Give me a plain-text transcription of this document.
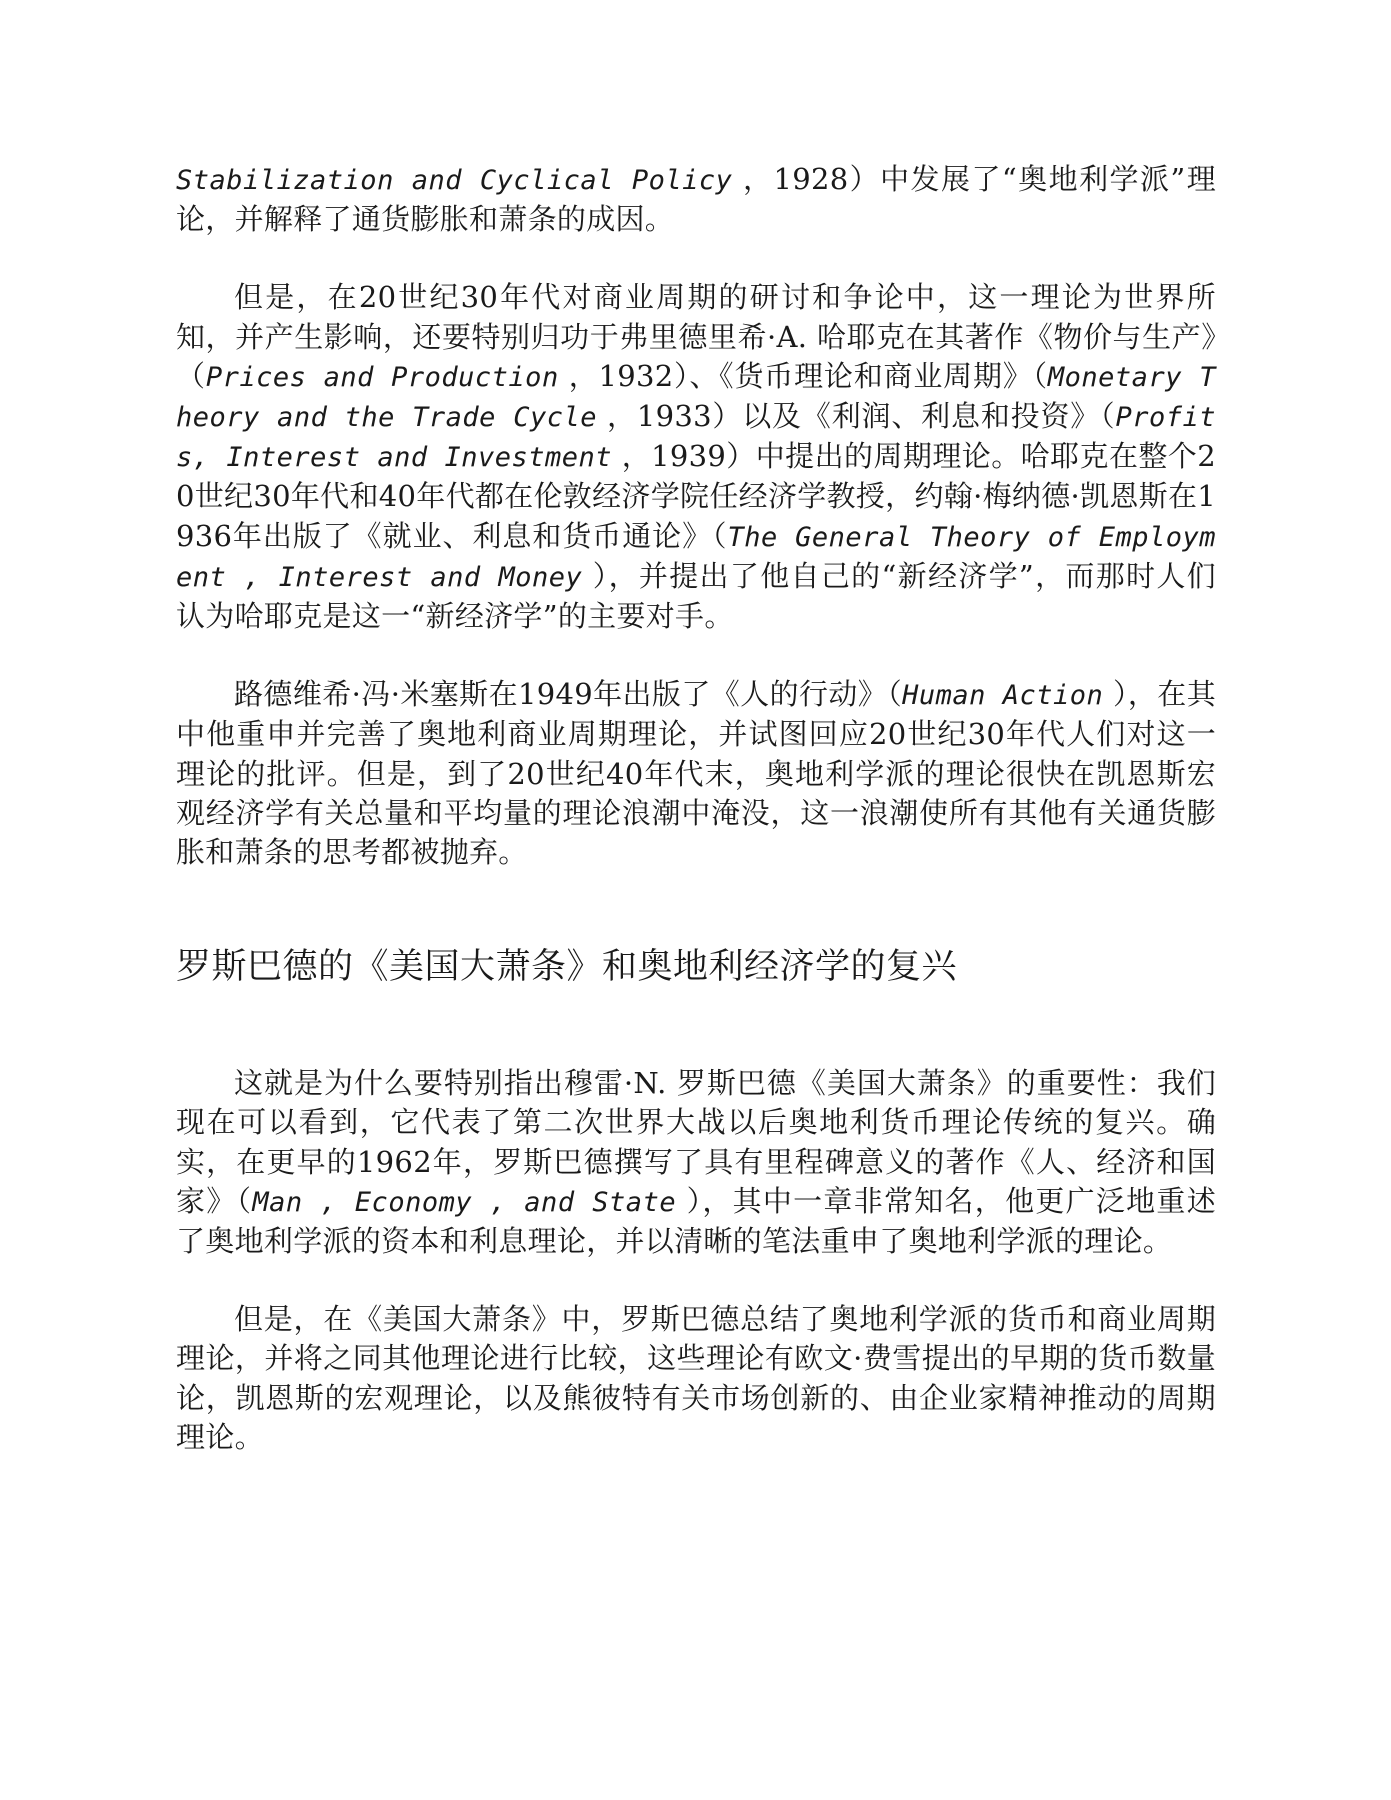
Stabilization and Cyclical Policy ，1928）中发展了“奥地利学派”理论，并解释了通货膨胀和萧条的成因。

但是，在20世纪30年代对商业周期的研讨和争论中，这一理论为世界所知，并产生影响，还要特别归功于弗里德里希·A. 哈耶克在其著作《物价与生产》（Prices and Production ，1932）、《货币理论和商业周期》（Monetary Theory and the Trade Cycle ，1933）以及《利润、利息和投资》（Profits, Interest and Investment ，1939）中提出的周期理论。哈耶克在整个20世纪30年代和40年代都在伦敦经济学院任经济学教授，约翰·梅纳德·凯恩斯在1936年出版了《就业、利息和货币通论》（The General Theory of Employment , Interest and Money ），并提出了他自己的“新经济学”，而那时人们认为哈耶克是这一“新经济学”的主要对手。

路德维希·冯·米塞斯在1949年出版了《人的行动》（Human Action ），在其中他重申并完善了奥地利商业周期理论，并试图回应20世纪30年代人们对这一理论的批评。但是，到了20世纪40年代末，奥地利学派的理论很快在凯恩斯宏观经济学有关总量和平均量的理论浪潮中淹没，这一浪潮使所有其他有关通货膨胀和萧条的思考都被抛弃。

罗斯巴德的《美国大萧条》和奥地利经济学的复兴

这就是为什么要特别指出穆雷·N. 罗斯巴德《美国大萧条》的重要性：我们现在可以看到，它代表了第二次世界大战以后奥地利货币理论传统的复兴。确实，在更早的1962年，罗斯巴德撰写了具有里程碑意义的著作《人、经济和国家》（Man , Economy , and State ），其中一章非常知名，他更广泛地重述了奥地利学派的资本和利息理论，并以清晰的笔法重申了奥地利学派的理论。

但是，在《美国大萧条》中，罗斯巴德总结了奥地利学派的货币和商业周期理论，并将之同其他理论进行比较，这些理论有欧文·费雪提出的早期的货币数量论，凯恩斯的宏观理论，以及熊彼特有关市场创新的、由企业家精神推动的周期理论。
